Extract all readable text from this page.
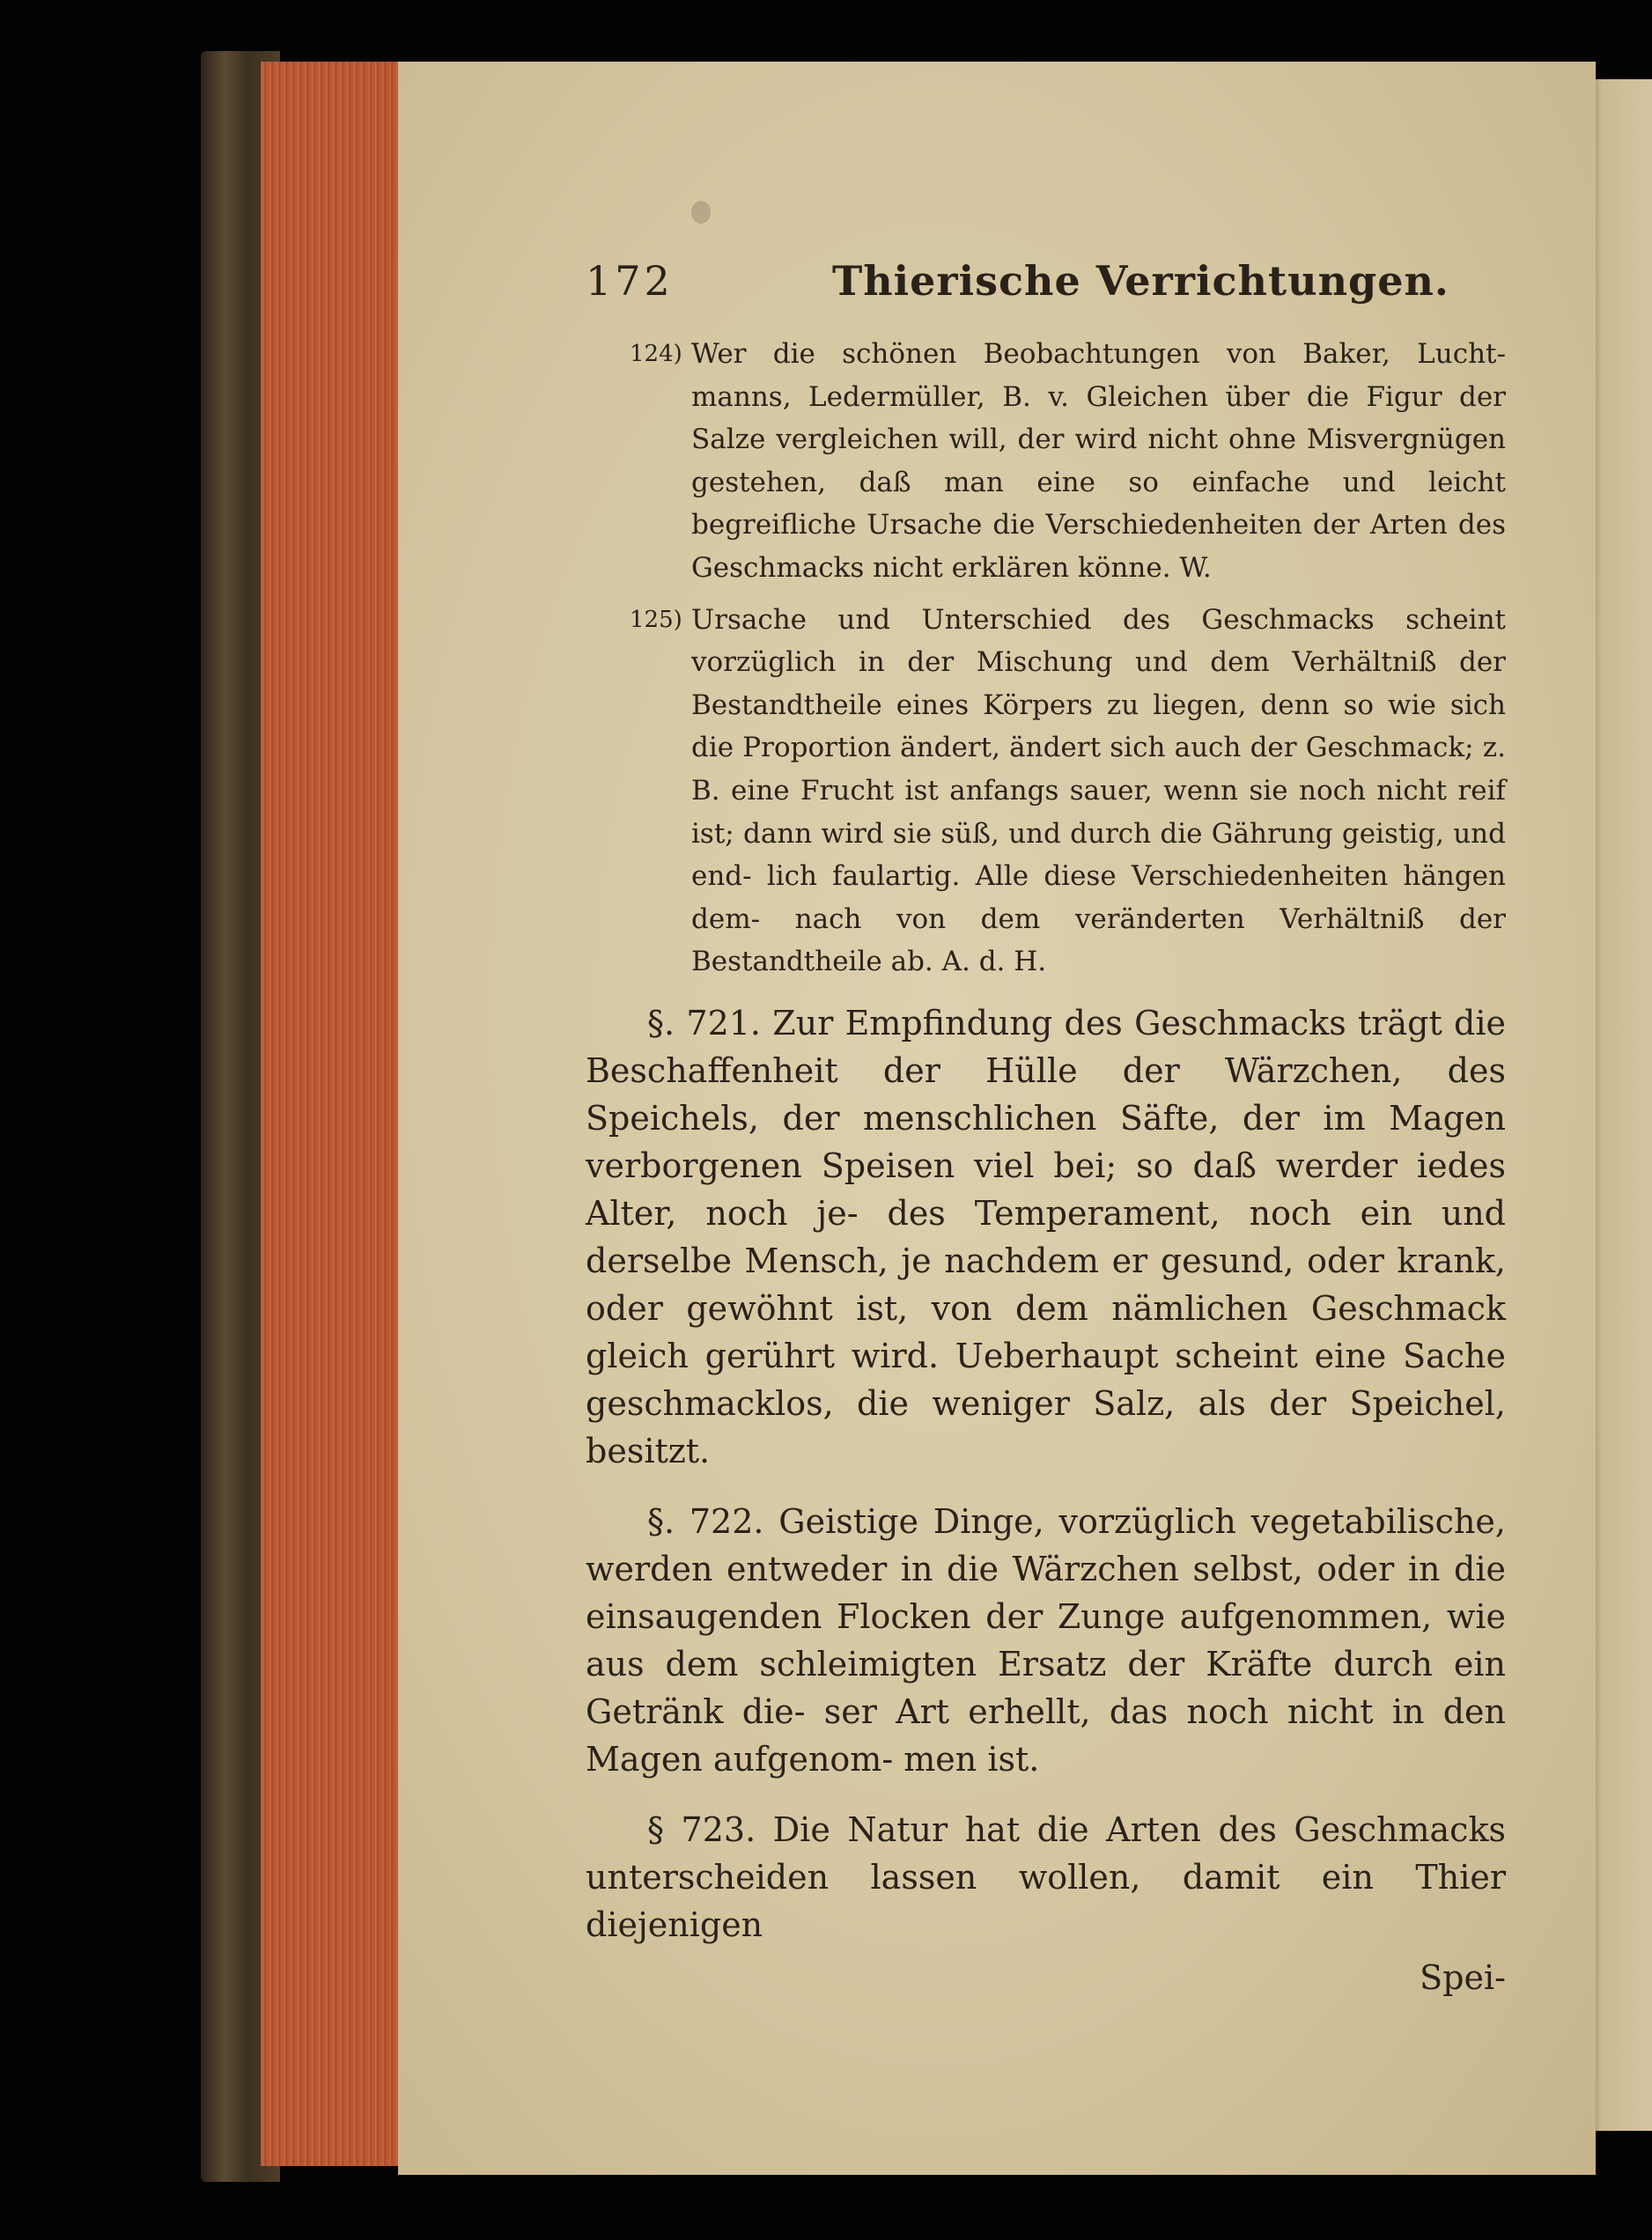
172	Thierische Verrichtungen.
124) Wer die schönen Beobachtungen von Baker, Lucht- manns, Ledermüller, B. v. Gleichen über die Figur der Salze vergleichen will, der wird nicht ohne Misvergnügen gestehen, daß man eine so einfache und leicht begreifliche Ursache die Verschiedenheiten der Arten des Geschmacks nicht erklären könne. W.
125) Ursache und Unterschied des Geschmacks scheint vorzüglich in der Mischung und dem Verhältniß der Bestandtheile eines Körpers zu liegen, denn so wie sich die Proportion ändert, ändert sich auch der Geschmack; z. B. eine Frucht ist anfangs sauer, wenn sie noch nicht reif ist; dann wird sie süß, und durch die Gährung geistig, und end- lich faulartig. Alle diese Verschiedenheiten hängen dem- nach von dem veränderten Verhältniß der Bestandtheile ab. A. d. H.

§. 721. Zur Empfindung des Geschmacks trägt die Beschaffenheit der Hülle der Wärzchen, des Speichels, der menschlichen Säfte, der im Magen verborgenen Speisen viel bei; so daß werder iedes Alter, noch je- des Temperament, noch ein und derselbe Mensch, je nachdem er gesund, oder krank, oder gewöhnt ist, von dem nämlichen Geschmack gleich gerührt wird. Ueberhaupt scheint eine Sache geschmacklos, die weniger Salz, als der Speichel, besitzt.

§. 722. Geistige Dinge, vorzüglich vegetabilische, werden entweder in die Wärzchen selbst, oder in die einsaugenden Flocken der Zunge aufgenommen, wie aus dem schleimigten Ersatz der Kräfte durch ein Getränk die- ser Art erhellt, das noch nicht in den Magen aufgenom- men ist.

§ 723. Die Natur hat die Arten des Geschmacks unterscheiden lassen wollen, damit ein Thier diejenigen

Spei-
